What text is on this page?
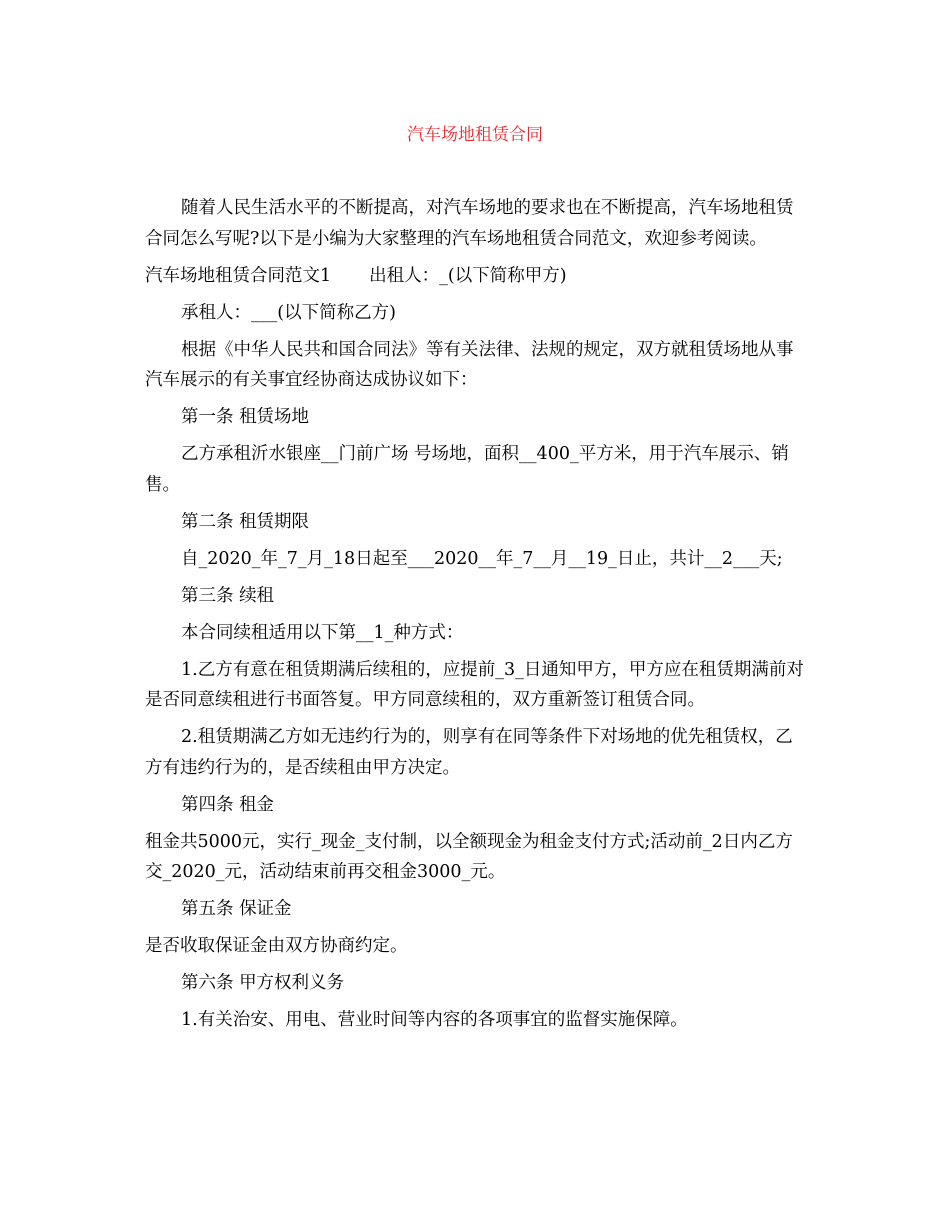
汽车场地租赁合同

随着人民生活水平的不断提高，对汽车场地的要求也在不断提高，汽车场地租赁合同怎么写呢?以下是小编为大家整理的汽车场地租赁合同范文，欢迎参考阅读。

汽车场地租赁合同范文1 出租人：_(以下简称甲方)

承租人：___(以下简称乙方)

根据《中华人民共和国合同法》等有关法律、法规的规定，双方就租赁场地从事汽车展示的有关事宜经协商达成协议如下：

第一条 租赁场地

乙方承租沂水银座__门前广场 号场地，面积__400_平方米，用于汽车展示、销售。

第二条 租赁期限

自_2020_年_7_月_18日起至___2020__年_7__月__19_日止，共计__2___天;

第三条 续租

本合同续租适用以下第__1_种方式：

1.乙方有意在租赁期满后续租的，应提前_3_日通知甲方，甲方应在租赁期满前对是否同意续租进行书面答复。甲方同意续租的，双方重新签订租赁合同。

2.租赁期满乙方如无违约行为的，则享有在同等条件下对场地的优先租赁权，乙方有违约行为的，是否续租由甲方决定。

第四条 租金

租金共5000元，实行_现金_支付制，以全额现金为租金支付方式;活动前_2日内乙方交_2020_元，活动结束前再交租金3000_元。

第五条 保证金

是否收取保证金由双方协商约定。

第六条 甲方权利义务

1.有关治安、用电、营业时间等内容的各项事宜的监督实施保障。
